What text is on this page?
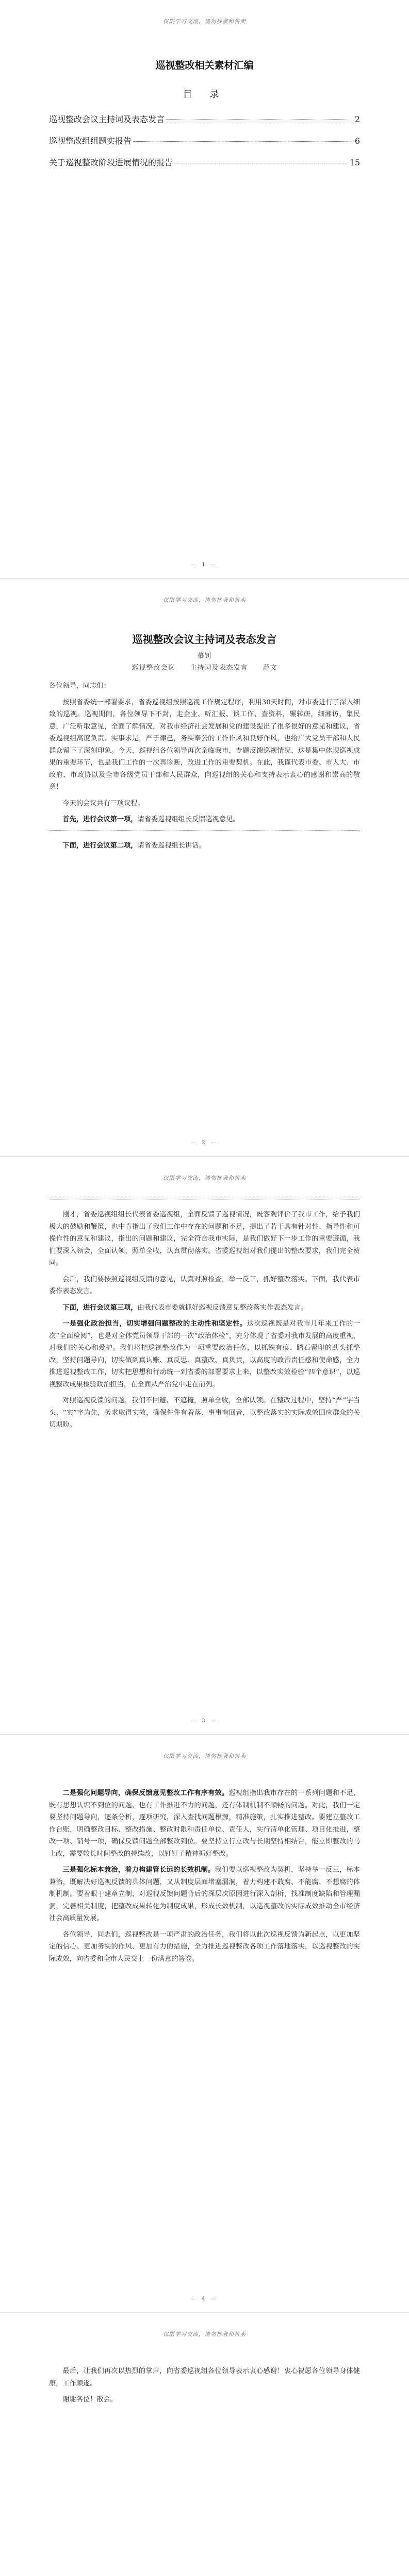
仅限学习交流，请勿抄袭和售卖
巡视整改相关素材汇编
目 录
巡视整改会议主持词及表态发言	2
巡视整改组组题实报告	6
关于巡视整改阶段进展情况的报告	15
— 1 —
仅限学习交流，请勿抄袭和售卖
巡视整改会议主持词及表态发言
慕钊
巡视整改会议 主持词及表态发言 范文

各位领导，同志们：

按照省委统一部署要求，省委巡视组按照巡视工作规定程序，利用30天时间，对市委进行了深入细致的巡视。巡视期间，各位领导下不封，走企业、听汇报、谈工作、查资料，辗转研，细湘访，集民意，广泛听取意见，全面了解情况，对我市经济社会发展和党的建设提出了很多很好的意见和建议，省委巡视组高度负责、实事求是，严于律己，务实奉公的工作作风和良好作风，也给广大党员干部和人民群众留下了深刻印象。今天，巡视组各位领导再次亲临我市，专题反馈巡视情况，这是集中体现巡视成果的重要环节，也是我们工作的一次再诊断，改进工作的重要契机。在此，我谨代表市委、市人大、市政府、市政协以及全市各级党员干部和人民群众，向巡视组的关心和支持表示衷心的感谢和崇高的敬意！

今天的会议共有三项议程。

首先，进行会议第一项，请省委巡视组组长反馈巡视意见。

下面，进行会议第二项，请省委巡视组长讲话。

— 2 —
仅限学习交流，请勿抄袭和售卖

刚才，省委巡视组组长代表省委巡视组，全面反馈了巡视情况，既客观评价了我市工作，给予我们极大的鼓励和鞭策，也中肯指出了我们工作中存在的问题和不足，提出了若干具有针对性、指导性和可操作性的意见和建议，指出的问题和建议，完全符合我市实际，是我们做好下一步工作的重要遵循，我们要深入领会，全面认领，照单全收，认真贯彻落实。省委巡视组对我们提出的整改要求，我们完全赞同。

会后，我们要按照巡视组反馈的意见，认真对照检查，举一反三，抓好整改落实。下面，我代表市委作表态发言。

下面，进行会议第三项，由我代表市委就抓好巡视反馈意见整改落实作表态发言。

一是强化政治担当，切实增强问题整改的主动性和坚定性。这次巡视既是对我市几年来工作的一次“全面检阅”，也是对全体党员领导干部的一次“政治体检”，充分体现了省委对我市发展的高度重视，对我们的关心和爱护。我们将把巡视整改作为一项重要政治任务，以抓铁有痕、踏石留印的劲头抓整改，坚持问题导向，切实做到真认账、真反思、真整改、真负责，以高度的政治责任感和使命感，全力推进巡视整改工作，切实把思想和行动统一到省委的部署要求上来，以整改实效检验“四个意识”，以巡视整改成果检验政治担当，在全面从严治党中走在前列。

对照巡视反馈的问题，我们不回避、不遮掩，照单全收，全部认领。在整改过程中，坚持“严”字当头、“实”字为先，务求取得实效，确保件件有着落、事事有回音，以整改落实的实际成效回应群众的关切期盼。

— 3 —
仅限学习交流，请勿抄袭和售卖

二是强化问题导向，确保反馈意见整改工作有序有效。巡视组指出我市存在的一系列问题和不足，既有思想认识不到位的问题，也有工作推进不力的问题，还有体制机制不顺畅的问题。对此，我们一定要坚持问题导向，逐条分析，逐项研究，深入查找问题根源，精准施策，扎实推进整改。要建立整改工作台账，明确整改目标、整改措施、整改时限和责任单位、责任人，实行清单化管理、项目化推进，整改一项、销号一项，确保反馈问题全部整改到位。要坚持立行立改与长期坚持相结合，能立即整改的马上改，需要较长时间整改的持续改，以钉钉子精神抓好整改。

三是强化标本兼治，着力构建管长远的长效机制。我们要以巡视整改为契机，坚持举一反三，标本兼治，既解决好巡视反馈的具体问题，又从制度层面堵塞漏洞，着力构建不敢腐、不能腐、不想腐的体制机制。要着眼于建章立制，对巡视反馈问题背后的深层次原因进行深入剖析，找准制度缺陷和管理漏洞，完善相关制度，把整改成果转化为制度成果，形成长效机制，以巡视整改的实际成效推动全市经济社会高质量发展。

各位领导、同志们，巡视整改是一项严肃的政治任务，我们将以此次巡视反馈为新起点，以更加坚定的信心、更加务实的作风、更加有力的措施，全力推进巡视整改各项工作落地落实，以巡视整改的实际成效，向省委和全市人民交上一份满意的答卷。

— 4 —
仅限学习交流，请勿抄袭和售卖

最后，让我们再次以热烈的掌声，向省委巡视组各位领导表示衷心感谢！衷心祝愿各位领导身体健康，工作顺遂。

谢谢各位！散会。
